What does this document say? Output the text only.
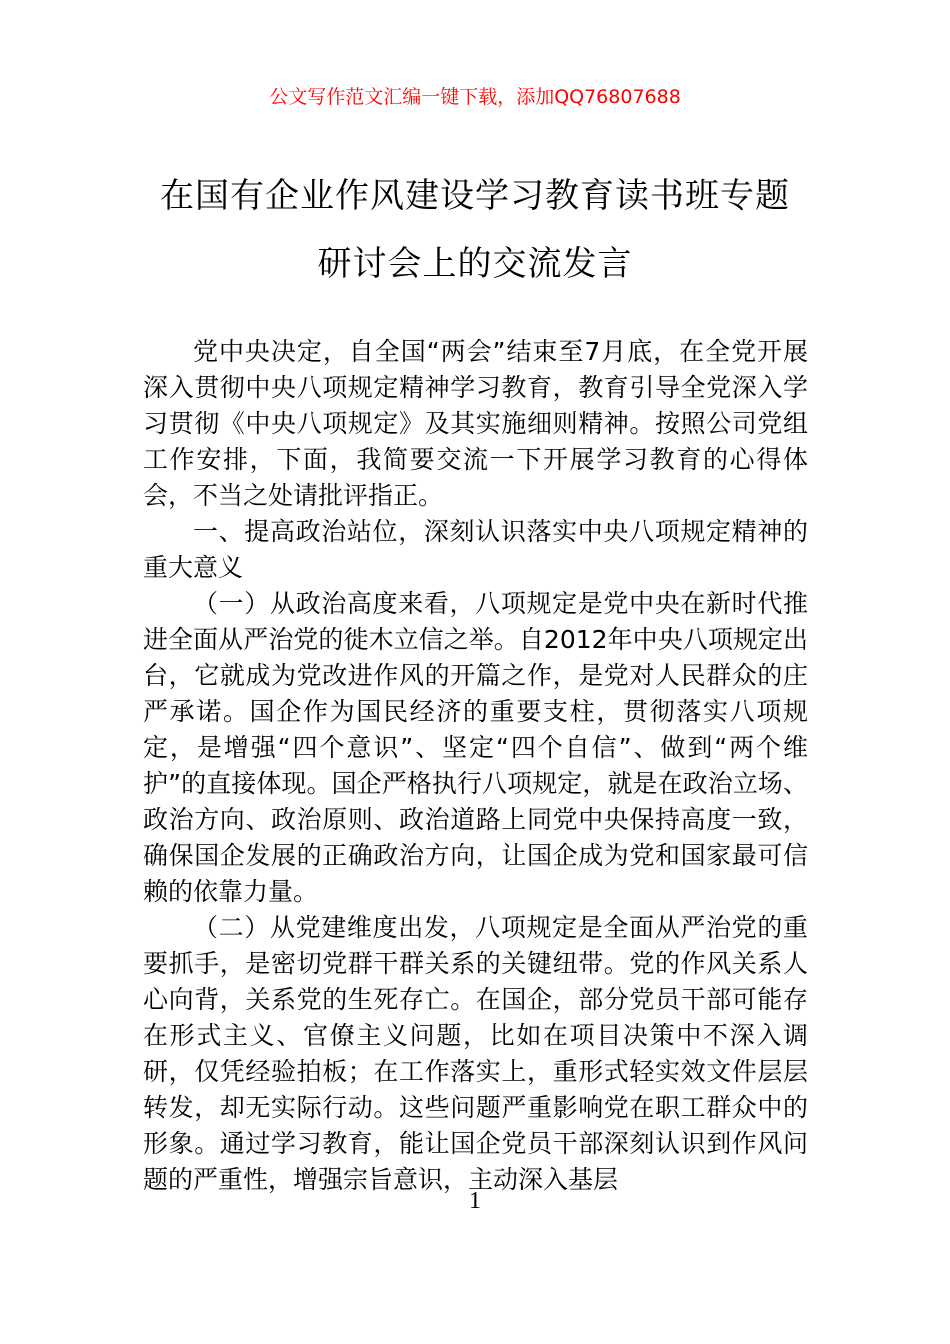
公文写作范文汇编一键下载，添加QQ76807688
在国有企业作风建设学习教育读书班专题
研讨会上的交流发言

党中央决定，自全国“两会”结束至7月底，在全党开展深入贯彻中央八项规定精神学习教育，教育引导全党深入学习贯彻《中央八项规定》及其实施细则精神。按照公司党组工作安排，下面，我简要交流一下开展学习教育的心得体会，不当之处请批评指正。

一、提高政治站位，深刻认识落实中央八项规定精神的重大意义

（一）从政治高度来看，八项规定是党中央在新时代推进全面从严治党的徙木立信之举。自2012年中央八项规定出台，它就成为党改进作风的开篇之作，是党对人民群众的庄严承诺。国企作为国民经济的重要支柱，贯彻落实八项规定，是增强“四个意识”、坚定“四个自信”、做到“两个维护”的直接体现。国企严格执行八项规定，就是在政治立场、政治方向、政治原则、政治道路上同党中央保持高度一致，确保国企发展的正确政治方向，让国企成为党和国家最可信赖的依靠力量。

（二）从党建维度出发，八项规定是全面从严治党的重要抓手，是密切党群干群关系的关键纽带。党的作风关系人心向背，关系党的生死存亡。在国企，部分党员干部可能存在形式主义、官僚主义问题，比如在项目决策中不深入调研，仅凭经验拍板；在工作落实上，重形式轻实效文件层层转发，却无实际行动。这些问题严重影响党在职工群众中的形象。通过学习教育，能让国企党员干部深刻认识到作风问题的严重性，增强宗旨意识，主动深入基层

1
